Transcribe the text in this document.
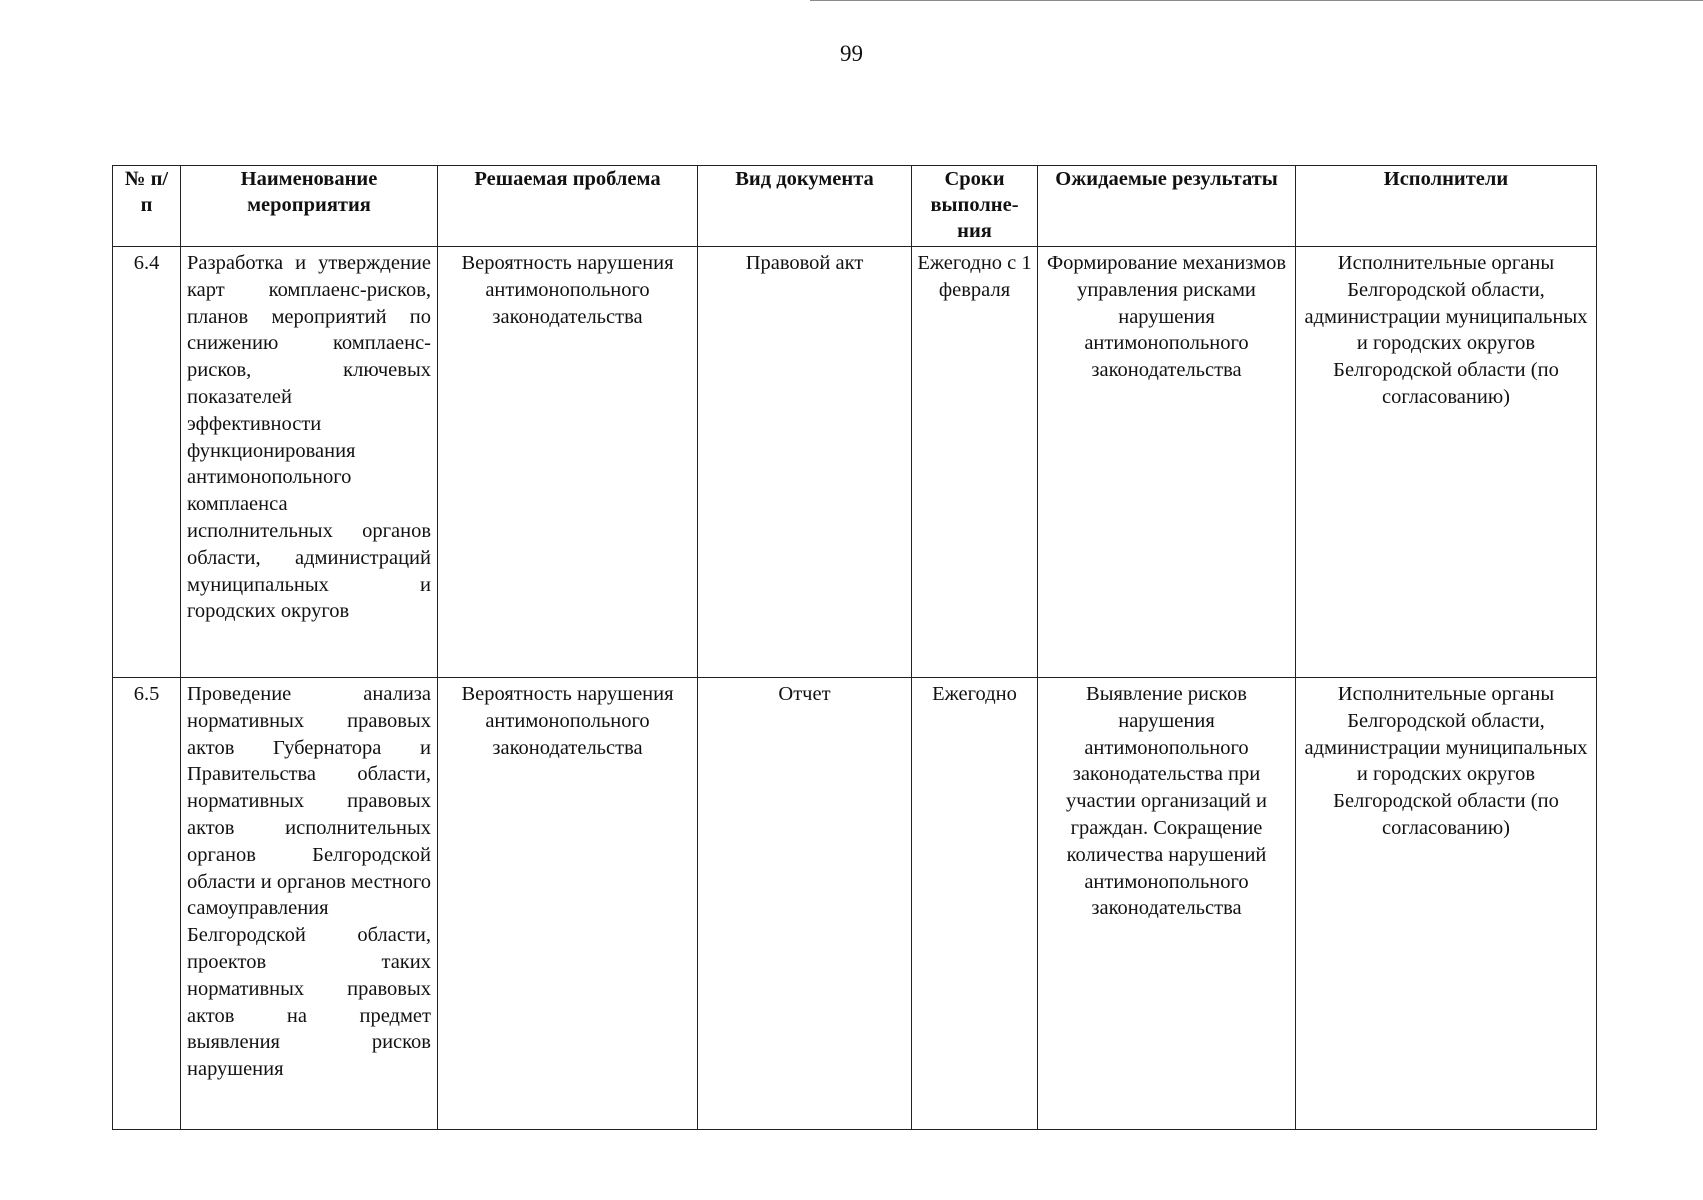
99
№ п/п	Наименование мероприятия	Решаемая проблема	Вид документа	Сроки выполне-ния	Ожидаемые результаты	Исполнители
6.4	Разработка и утверждение карт комплаенс-рисков, планов мероприятий по снижению комплаенс-рисков, ключевых показателей эффективности функционирования антимонопольного комплаенса исполнительных органов области, администраций муниципальных и городских округов	Вероятность нарушения антимонопольного законодательства	Правовой акт	Ежегодно с 1 февраля	Формирование механизмов управления рисками нарушения антимонопольного законодательства	Исполнительные органы Белгородской области, администрации муниципальных и городских округов Белгородской области (по согласованию)
6.5	Проведение анализа нормативных правовых актов Губернатора и Правительства области, нормативных правовых актов исполнительных органов Белгородской области и органов местного самоуправления Белгородской области, проектов таких нормативных правовых актов на предмет выявления рисков нарушения	Вероятность нарушения антимонопольного законодательства	Отчет	Ежегодно	Выявление рисков нарушения антимонопольного законодательства при участии организаций и граждан. Сокращение количества нарушений антимонопольного законодательства	Исполнительные органы Белгородской области, администрации муниципальных и городских округов Белгородской области (по согласованию)
